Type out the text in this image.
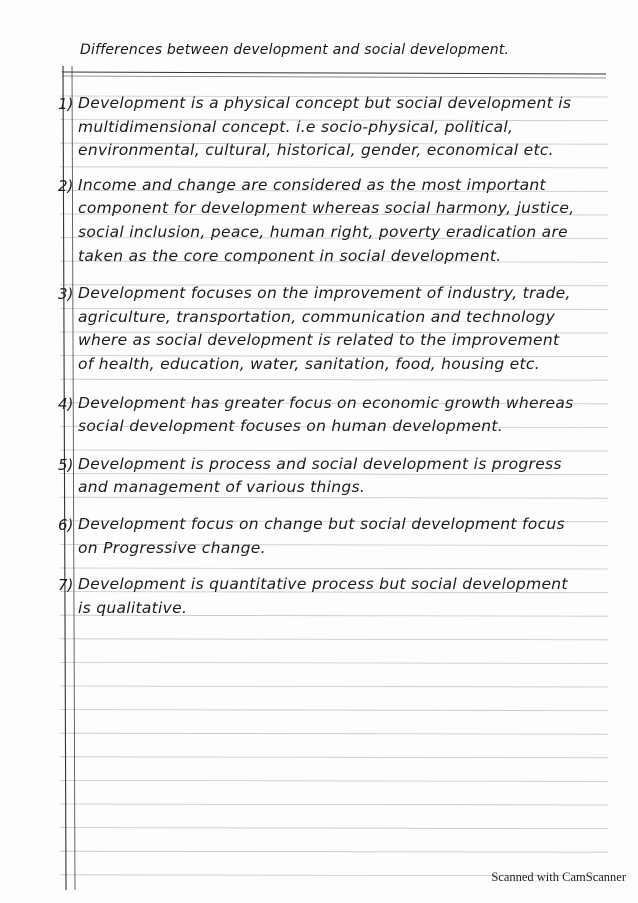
Differences between development and social development.
1) Development is a physical concept but social development is multidimensional concept. i.e socio-physical, political, environmental, cultural, historical, gender, economical etc.
2) Income and change are considered as the most important component for development whereas social harmony, justice, social inclusion, peace, human right, poverty eradication are taken as the core component in social development.
3) Development focuses on the improvement of industry, trade, agriculture, transportation, communication and technology where as social development is related to the improvement of health, education, water, sanitation, food, housing etc.
4) Development has greater focus on economic growth whereas social development focuses on human development.
5) Development is process and social development is progress and management of various things.
6) Development focus on change but social development focus on Progressive change.
7) Development is quantitative process but social development is qualitative.
Scanned with CamScanner
